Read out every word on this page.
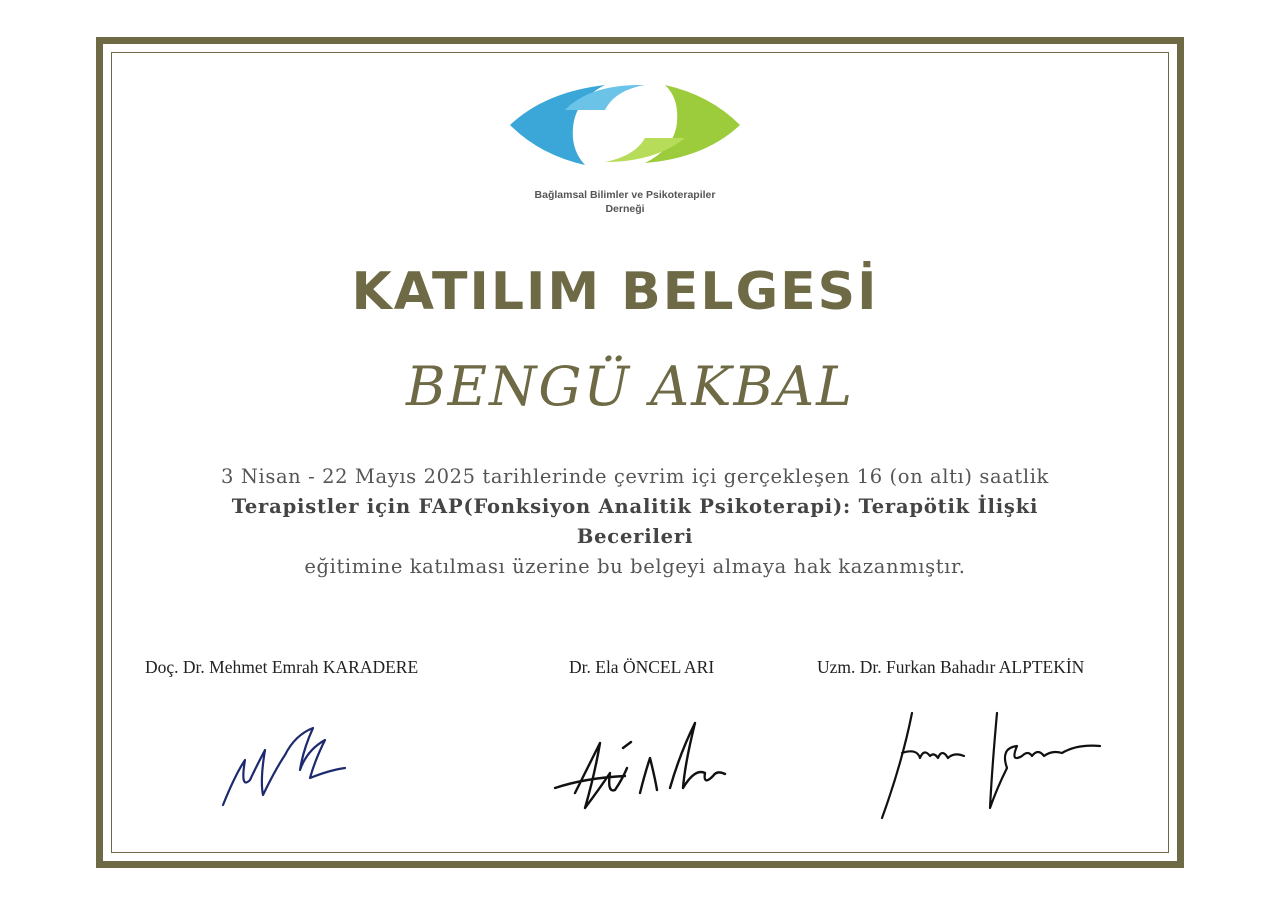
Bağlamsal Bilimler ve Psikoterapiler
Derneği
KATILIM BELGESİ
BENGÜ AKBAL

3 Nisan - 22 Mayıs 2025 tarihlerinde çevrim içi gerçekleşen 16 (on altı) saatlik

Terapistler için FAP(Fonksiyon Analitik Psikoterapi): Terapötik İlişki Becerileri

eğitimine katılması üzerine bu belgeyi almaya hak kazanmıştır.

Doç. Dr. Mehmet Emrah KARADERE	Dr. Ela ÖNCEL ARI	Uzm. Dr. Furkan Bahadır ALPTEKİN
